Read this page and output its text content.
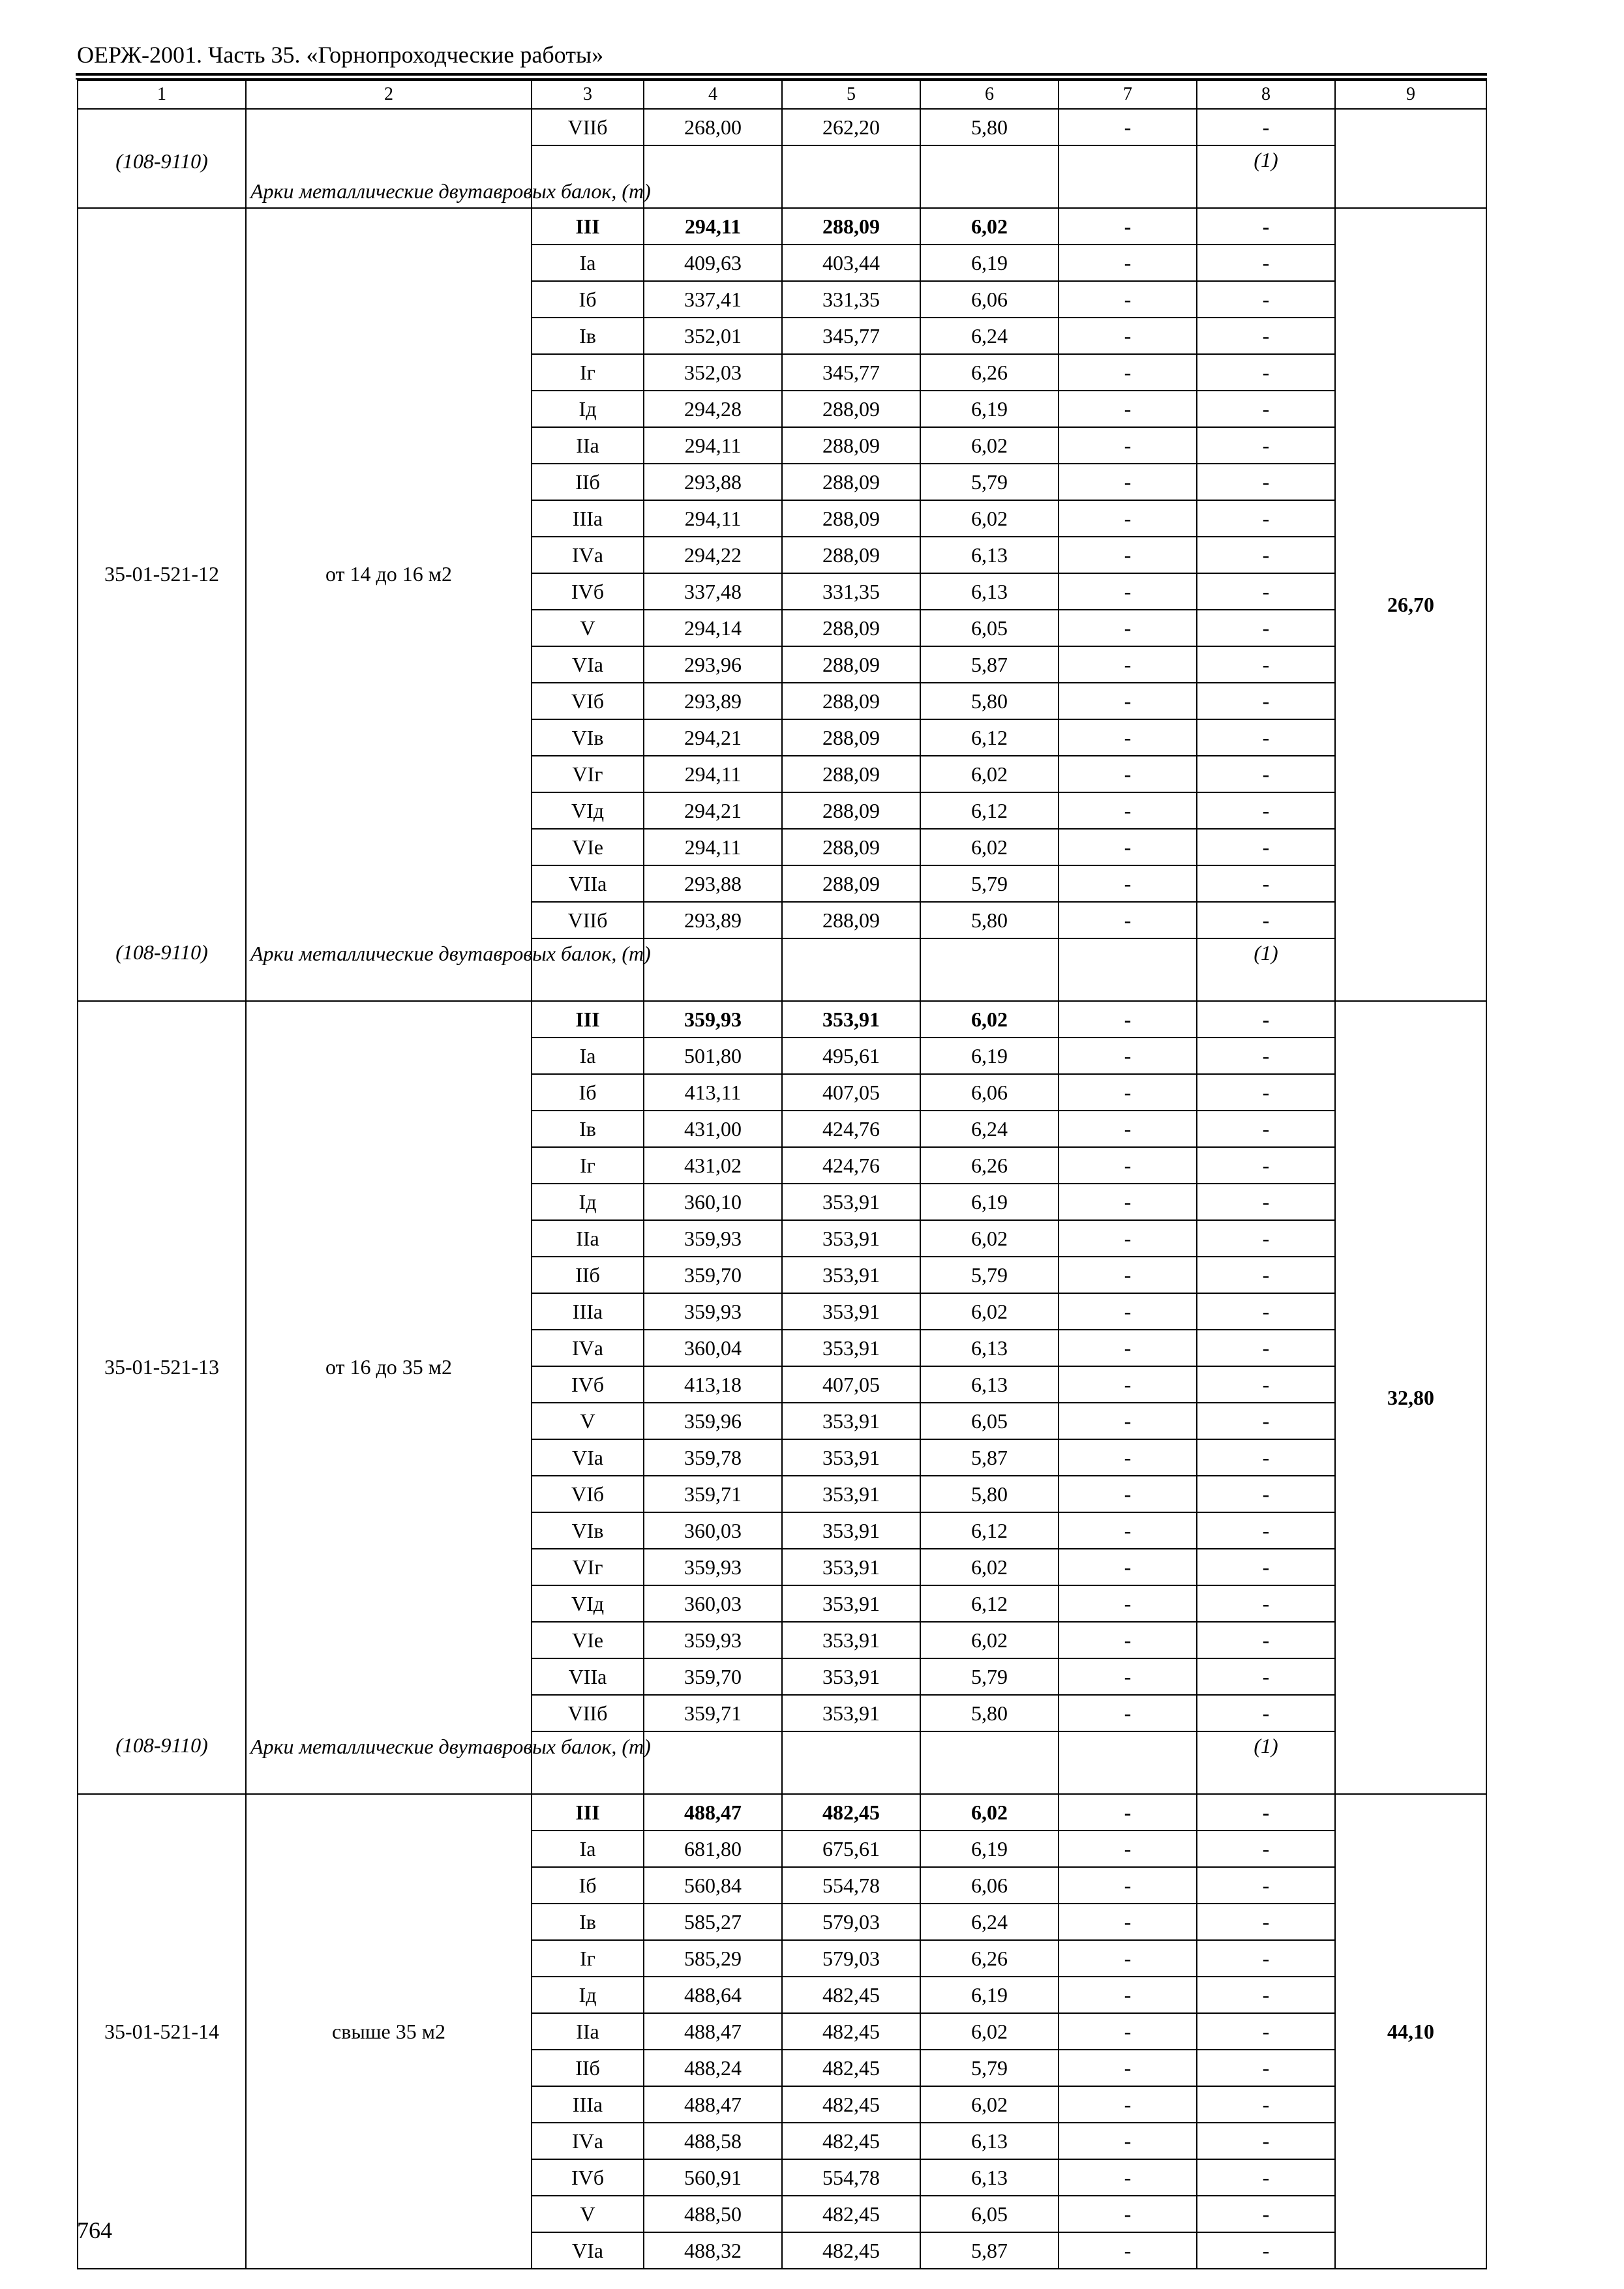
ОЕРЖ-2001. Часть 35. «Горнопроходческие работы»
1	2	3	4	5	6	7	8	9
(108-9110)	Арки металлические двутавровых балок, (т)	VIIб	268,00	262,20	5,80	-	-	
							(1)	
35-01-521-12	от 14 до 16 м2	III	294,11	288,09	6,02	-	-	26,70
		Iа	409,63	403,44	6,19	-	-	
		Iб	337,41	331,35	6,06	-	-	
		Iв	352,01	345,77	6,24	-	-	
		Iг	352,03	345,77	6,26	-	-	
		Iд	294,28	288,09	6,19	-	-	
		IIа	294,11	288,09	6,02	-	-	
		IIб	293,88	288,09	5,79	-	-	
		IIIа	294,11	288,09	6,02	-	-	
		IVа	294,22	288,09	6,13	-	-	
		IVб	337,48	331,35	6,13	-	-	
		V	294,14	288,09	6,05	-	-	
		VIа	293,96	288,09	5,87	-	-	
		VIб	293,89	288,09	5,80	-	-	
		VIв	294,21	288,09	6,12	-	-	
		VIг	294,11	288,09	6,02	-	-	
		VIд	294,21	288,09	6,12	-	-	
		VIе	294,11	288,09	6,02	-	-	
		VIIа	293,88	288,09	5,79	-	-	
		VIIб	293,89	288,09	5,80	-	-	
(108-9110)	Арки металлические двутавровых балок, (т)						(1)	
35-01-521-13	от 16 до 35 м2	III	359,93	353,91	6,02	-	-	32,80
		Iа	501,80	495,61	6,19	-	-	
		Iб	413,11	407,05	6,06	-	-	
		Iв	431,00	424,76	6,24	-	-	
		Iг	431,02	424,76	6,26	-	-	
		Iд	360,10	353,91	6,19	-	-	
		IIа	359,93	353,91	6,02	-	-	
		IIб	359,70	353,91	5,79	-	-	
		IIIа	359,93	353,91	6,02	-	-	
		IVа	360,04	353,91	6,13	-	-	
		IVб	413,18	407,05	6,13	-	-	
		V	359,96	353,91	6,05	-	-	
		VIа	359,78	353,91	5,87	-	-	
		VIб	359,71	353,91	5,80	-	-	
		VIв	360,03	353,91	6,12	-	-	
		VIг	359,93	353,91	6,02	-	-	
		VIд	360,03	353,91	6,12	-	-	
		VIе	359,93	353,91	6,02	-	-	
		VIIа	359,70	353,91	5,79	-	-	
		VIIб	359,71	353,91	5,80	-	-	
(108-9110)	Арки металлические двутавровых балок, (т)						(1)	
35-01-521-14	свыше 35 м2	III	488,47	482,45	6,02	-	-	44,10
		Iа	681,80	675,61	6,19	-	-	
		Iб	560,84	554,78	6,06	-	-	
		Iв	585,27	579,03	6,24	-	-	
		Iг	585,29	579,03	6,26	-	-	
		Iд	488,64	482,45	6,19	-	-	
		IIа	488,47	482,45	6,02	-	-	
		IIб	488,24	482,45	5,79	-	-	
		IIIа	488,47	482,45	6,02	-	-	
		IVа	488,58	482,45	6,13	-	-	
		IVб	560,91	554,78	6,13	-	-	
		V	488,50	482,45	6,05	-	-	
		VIа	488,32	482,45	5,87	-	-	
764
